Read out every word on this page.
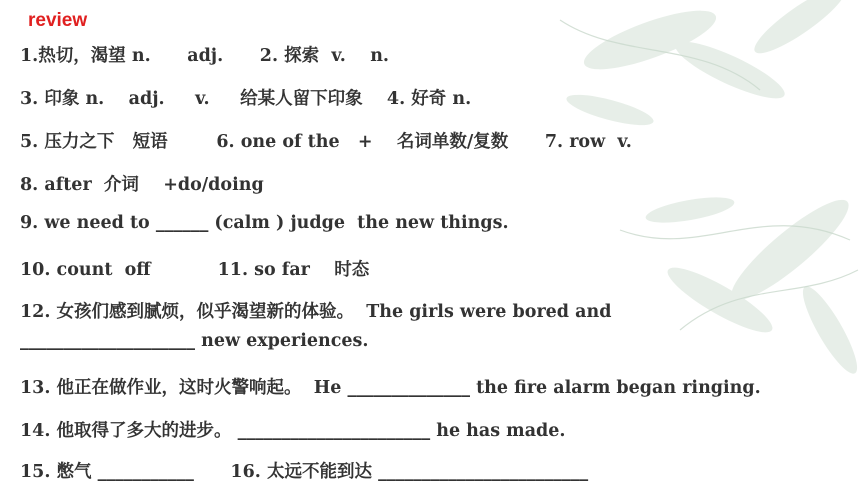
review
1.热切，渴望 n.      adj.      2. 探索  v.    n.
3. 印象 n.    adj.     v.     给某人留下印象    4. 好奇 n.
5. 压力之下   短语        6. one of the   +    名词单数/复数      7. row  v.
8. after  介词    +do/doing
9. we need to ______ (calm ) judge  the new things.
10. count  off           11. so far    时态
12. 女孩们感到腻烦，似乎渴望新的体验。  The girls were bored and
____________________ new experiences.
13. 他正在做作业，这时火警响起。  He ______________ the fire alarm began ringing.
14. 他取得了多大的进步。 ______________________ he has made.
15. 憋气 ___________      16. 太远不能到达 ________________________
